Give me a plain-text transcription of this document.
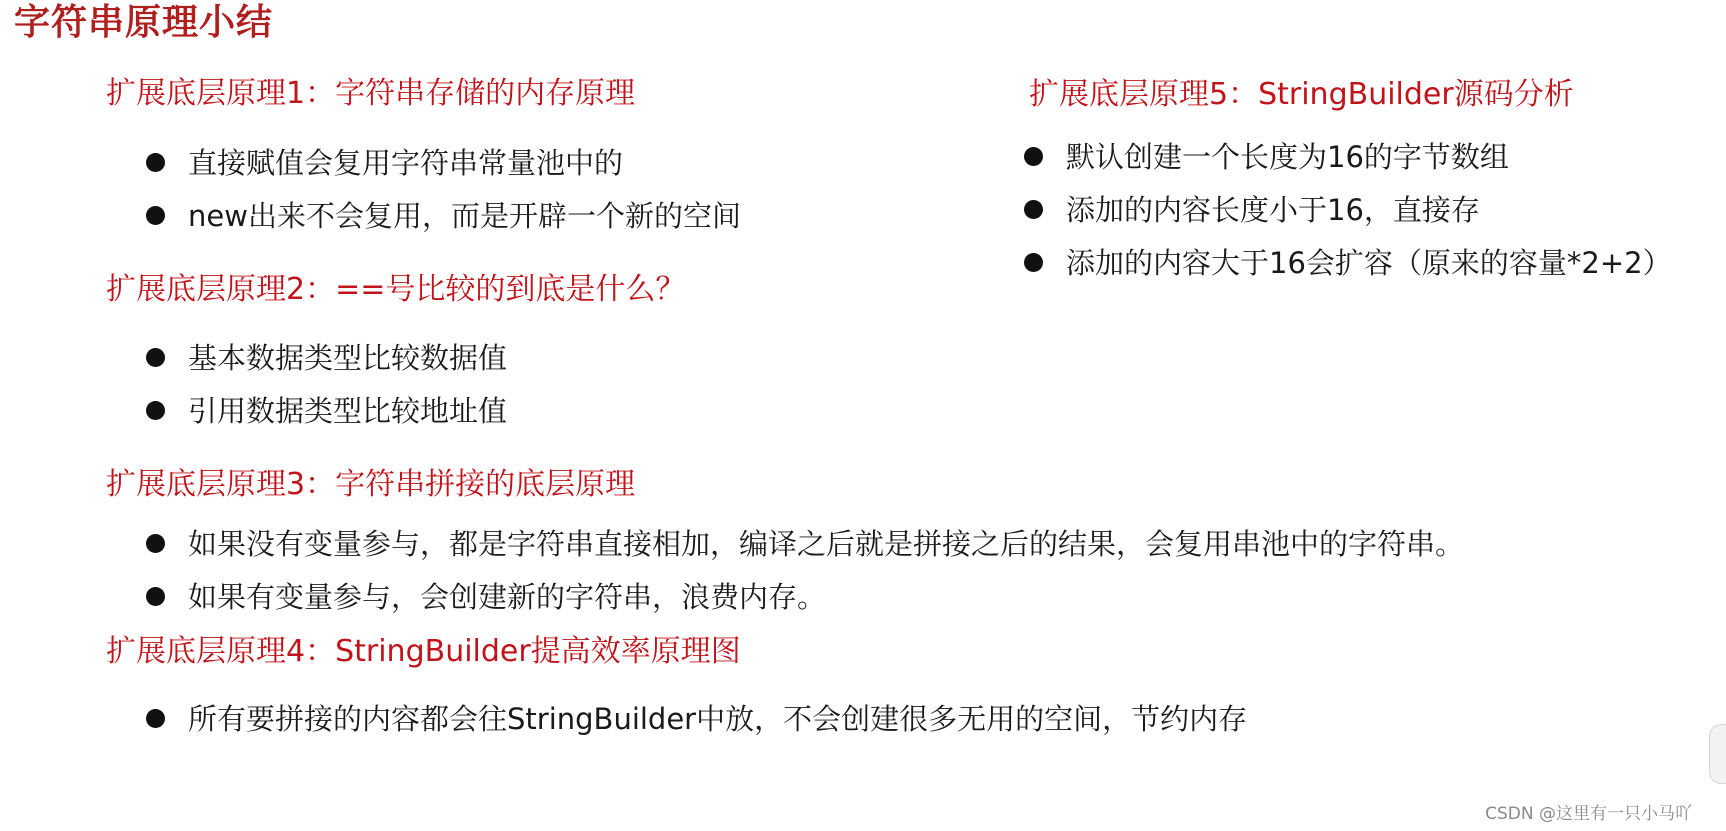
字符串原理小结
扩展底层原理1：字符串存储的内存原理
直接赋值会复用字符串常量池中的
new出来不会复用，而是开辟一个新的空间
扩展底层原理2：==号比较的到底是什么？
基本数据类型比较数据值
引用数据类型比较地址值
扩展底层原理3：字符串拼接的底层原理
如果没有变量参与，都是字符串直接相加，编译之后就是拼接之后的结果，会复用串池中的字符串。
如果有变量参与，会创建新的字符串，浪费内存。
扩展底层原理4：StringBuilder提高效率原理图
所有要拼接的内容都会往StringBuilder中放，不会创建很多无用的空间，节约内存
扩展底层原理5：StringBuilder源码分析
默认创建一个长度为16的字节数组
添加的内容长度小于16，直接存
添加的内容大于16会扩容（原来的容量*2+2）
CSDN @这里有一只小马吖
